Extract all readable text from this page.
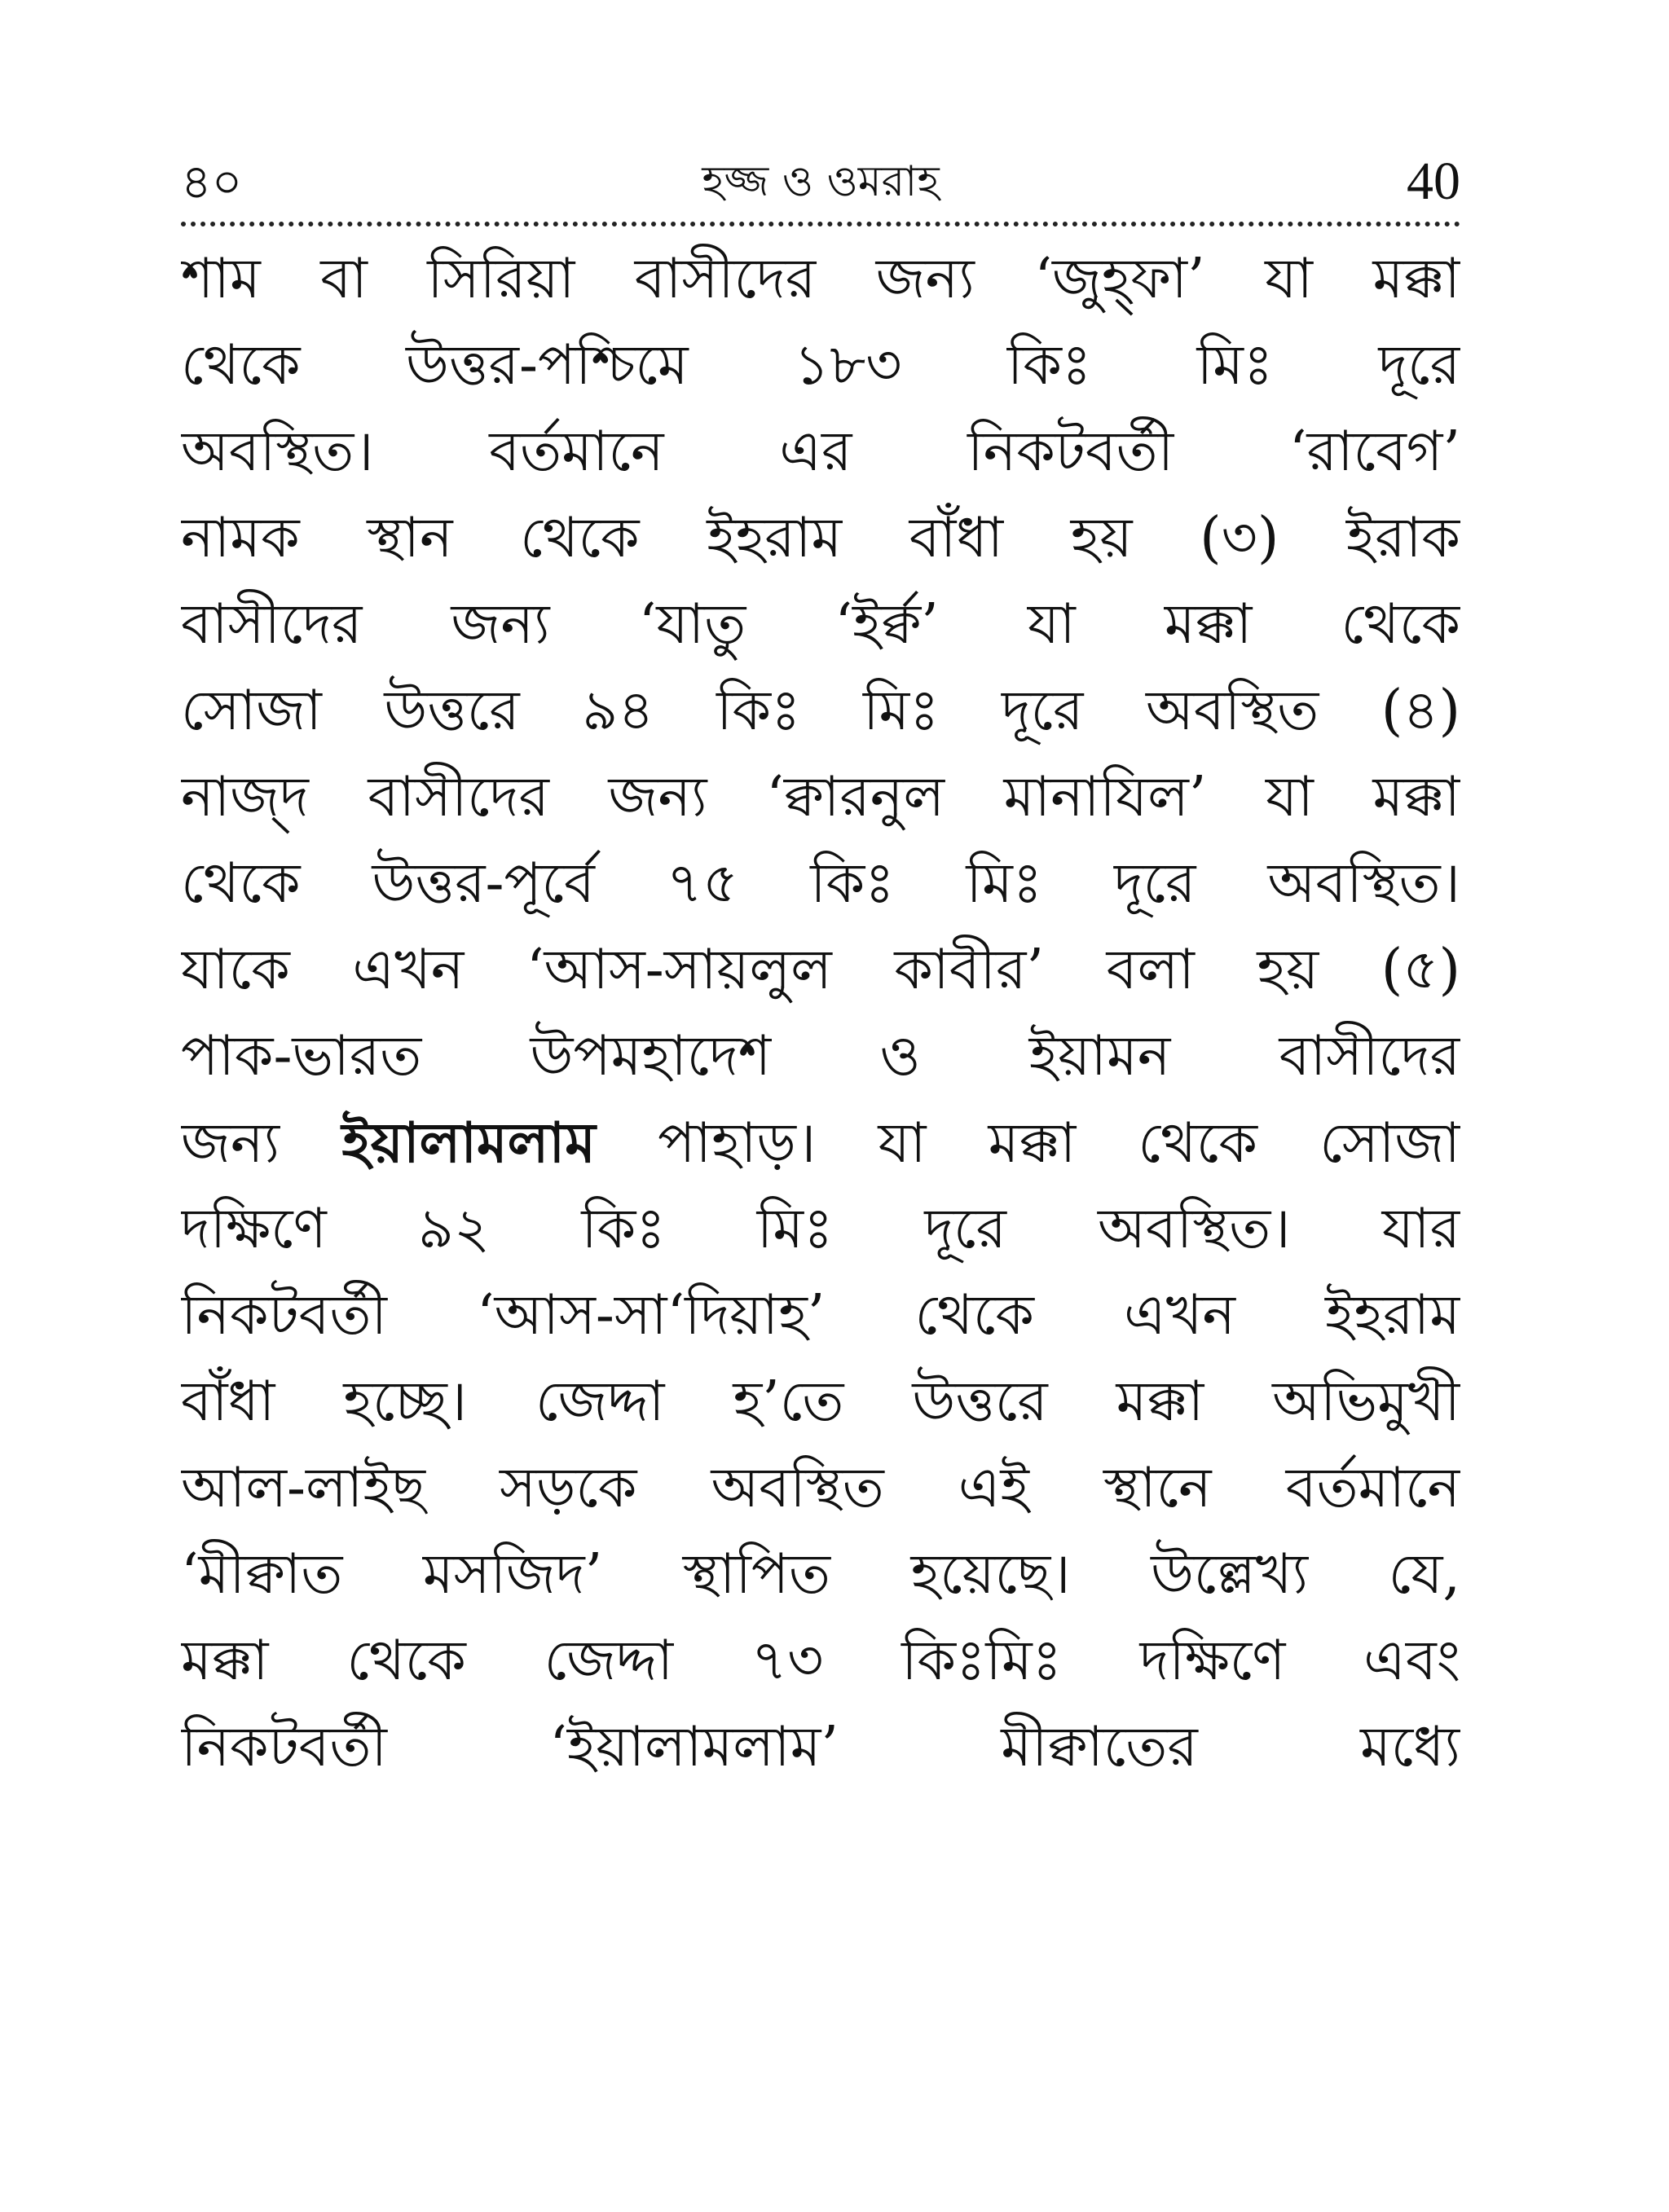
৪০	হজ্জ ও ওমরাহ	40
শাম বা সিরিয়া বাসীদের জন্য ‘জুহ্ফা’ যা মক্কা
থেকে উত্তর-পশ্চিমে ১৮৩ কিঃ মিঃ দূরে
অবস্থিত। বর্তমানে এর নিকটবর্তী ‘রাবেগ’
নামক স্থান থেকে ইহরাম বাঁধা হয় (৩) ইরাক
বাসীদের জন্য ‘যাতু ‘ইর্ক্ব’ যা মক্কা থেকে
সোজা উত্তরে ৯৪ কিঃ মিঃ দূরে অবস্থিত (৪)
নাজ্দ বাসীদের জন্য ‘ক্বারনুল মানাযিল’ যা মক্কা
থেকে উত্তর-পূর্বে ৭৫ কিঃ মিঃ দূরে অবস্থিত।
যাকে এখন ‘আস-সায়লুল কাবীর’ বলা হয় (৫)
পাক-ভারত উপমহাদেশ ও ইয়ামন বাসীদের
জন্য ইয়ালামলাম পাহাড়। যা মক্কা থেকে সোজা
দক্ষিণে ৯২ কিঃ মিঃ দূরে অবস্থিত। যার
নিকটবর্তী ‘আস-সা‘দিয়াহ’ থেকে এখন ইহরাম
বাঁধা হচ্ছে। জেদ্দা হ’তে উত্তরে মক্কা অভিমুখী
আল-লাইছ সড়কে অবস্থিত এই স্থানে বর্তমানে
‘মীক্বাত মসজিদ’ স্থাপিত হয়েছে। উল্লেখ্য যে,
মক্কা থেকে জেদ্দা ৭৩ কিঃমিঃ দক্ষিণে এবং
নিকটবর্তী ‘ইয়ালামলাম’ মীক্বাতের মধ্যে
